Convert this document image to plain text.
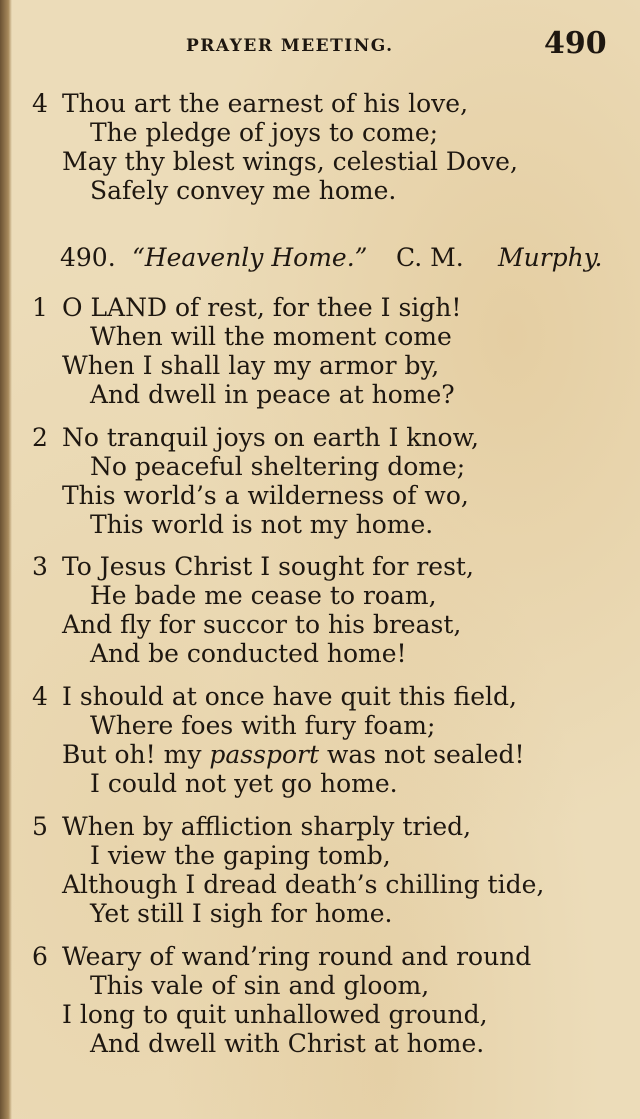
PRAYER MEETING.	490
4 Thou art the earnest of his love,
The pledge of joys to come;
May thy blest wings, celestial Dove,
Safely convey me home.
490. “Heavenly Home.” C. M. Murphy.
1 O LAND of rest, for thee I sigh!
When will the moment come
When I shall lay my armor by,
And dwell in peace at home?
2 No tranquil joys on earth I know,
No peaceful sheltering dome;
This world’s a wilderness of wo,
This world is not my home.
3 To Jesus Christ I sought for rest,
He bade me cease to roam,
And fly for succor to his breast,
And be conducted home!
4 I should at once have quit this field,
Where foes with fury foam;
But oh! my passport was not sealed!
I could not yet go home.
5 When by affliction sharply tried,
I view the gaping tomb,
Although I dread death’s chilling tide,
Yet still I sigh for home.
6 Weary of wand’ring round and round
This vale of sin and gloom,
I long to quit unhallowed ground,
And dwell with Christ at home.
